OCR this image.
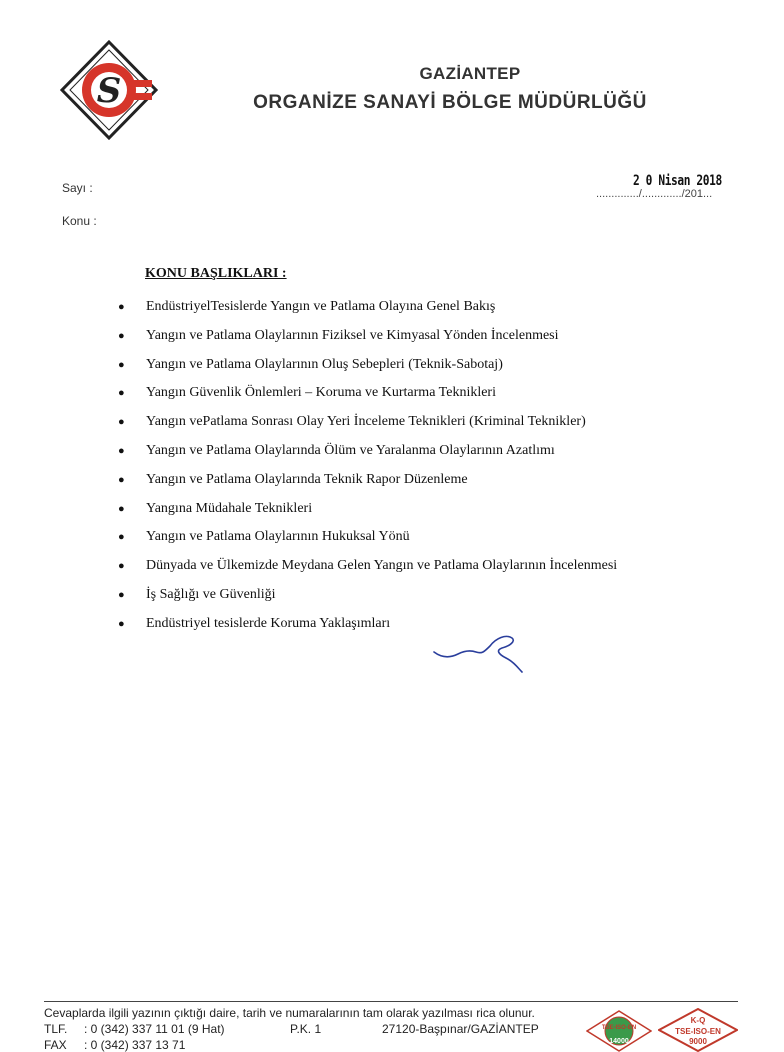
S	GAZİANTEP
ORGANİZE SANAYİ BÖLGE MÜDÜRLÜĞÜ
Sayı :
Konu :
2 0 Nisan 2018
............../............./201...
KONU BAŞLIKLARI :
● EndüstriyelTesislerde Yangın ve Patlama Olayına Genel Bakış
● Yangın ve Patlama Olaylarının Fiziksel ve Kimyasal Yönden İncelenmesi
● Yangın ve Patlama Olaylarının Oluş Sebepleri (Teknik-Sabotaj)
● Yangın Güvenlik Önlemleri – Koruma ve Kurtarma Teknikleri
● Yangın vePatlama Sonrası Olay Yeri İnceleme Teknikleri (Kriminal Teknikler)
● Yangın ve Patlama Olaylarında Ölüm ve Yaralanma Olaylarının Azatlımı
● Yangın ve Patlama Olaylarında Teknik Rapor Düzenleme
● Yangına Müdahale Teknikleri
● Yangın ve Patlama Olaylarının Hukuksal Yönü
● Dünyada ve Ülkemizde Meydana Gelen Yangın ve Patlama Olaylarının İncelenmesi
● İş Sağlığı ve Güvenliği
● Endüstriyel tesislerde Koruma Yaklaşımları
Cevaplarda ilgili yazının çıktığı daire, tarih ve numaralarının tam olarak yazılması rica olunur.
TLF. : 0 (342) 337 11 01 (9 Hat)	P.K. 1	27120-Başpınar/GAZİANTEP
FAX : 0 (342) 337 13 71
TSE-ISO-EN
14000
K-Q
TSE-ISO-EN
9000
